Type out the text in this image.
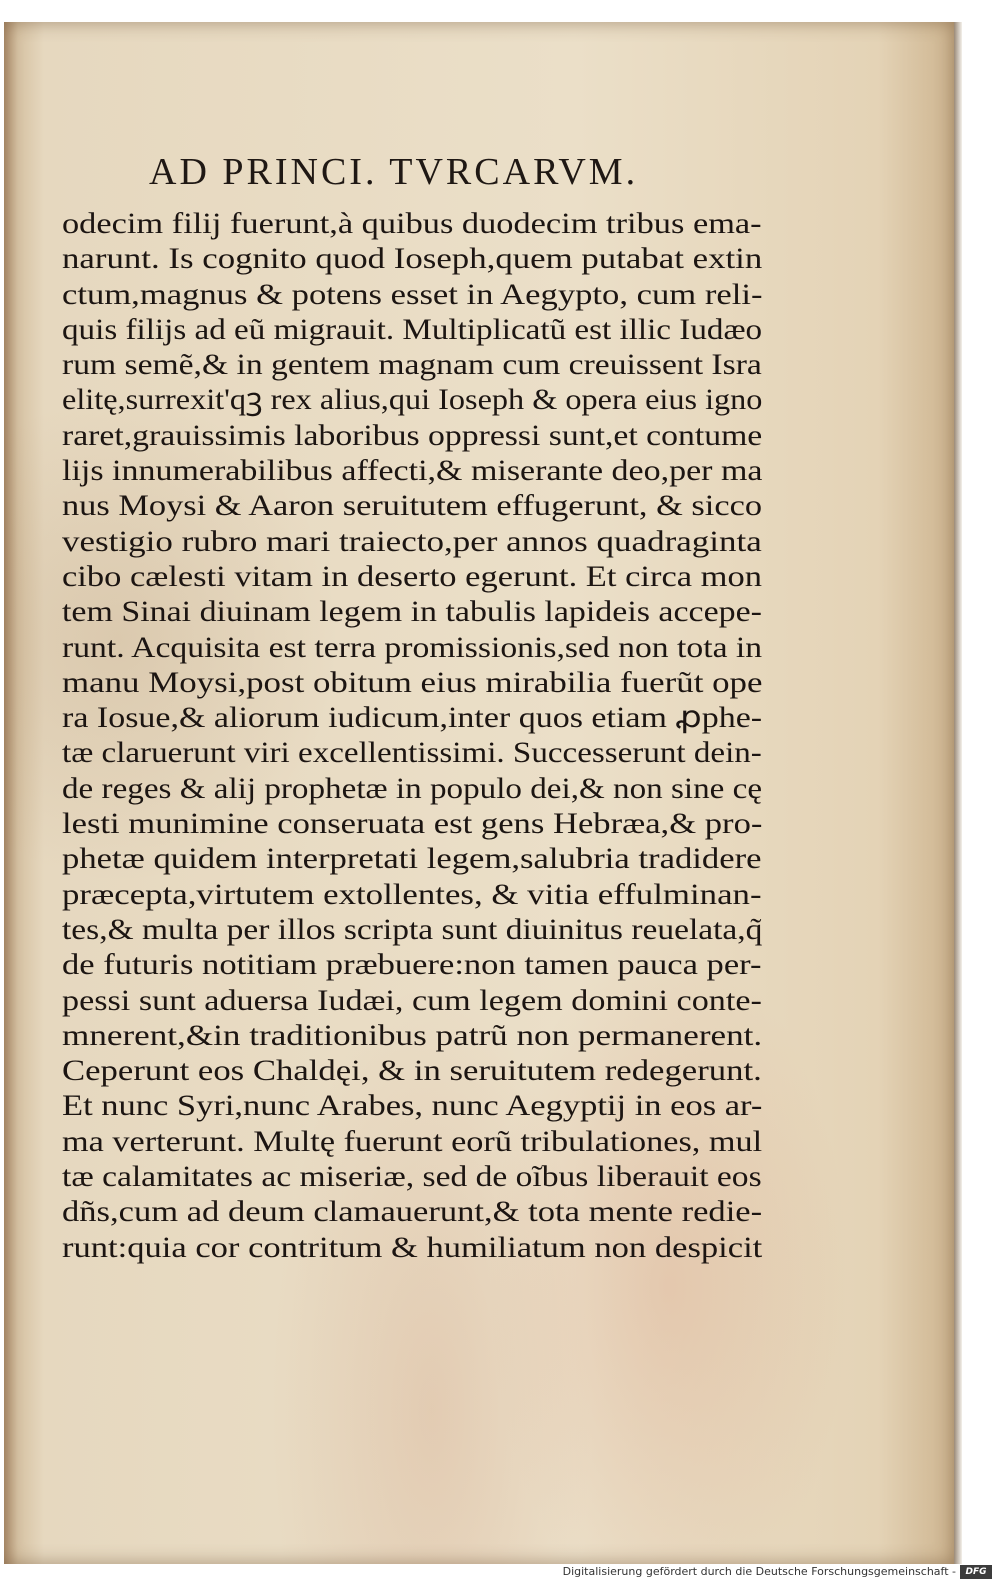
AD PRINCI. TVRCARVM.
odecim filij fuerunt,à quibus duodecim tribus ema-
narunt. Is cognito quod Ioseph,quem putabat extin
ctum,magnus & potens esset in Aegypto, cum reli-
quis filijs ad eũ migrauit. Multiplicatũ est illic Iudæo
rum semẽ,& in gentem magnam cum creuissent Isra
elitę,surrexit'qꝫ rex alius,qui Ioseph & opera eius igno
raret,grauissimis laboribus oppressi sunt,et contume
lijs innumerabilibus affecti,& miserante deo,per ma
nus Moysi & Aaron seruitutem effugerunt, & sicco
vestigio rubro mari traiecto,per annos quadraginta
cibo cælesti vitam in deserto egerunt. Et circa mon
tem Sinai diuinam legem in tabulis lapideis accepe-
runt. Acquisita est terra promissionis,sed non tota in
manu Moysi,post obitum eius mirabilia fuerũt ope
ra Iosue,& aliorum iudicum,inter quos etiam ꝓphe-
tæ claruerunt viri excellentissimi. Successerunt dein-
de reges & alij prophetæ in populo dei,& non sine cę
lesti munimine conseruata est gens Hebræa,& pro-
phetæ quidem interpretati legem,salubria tradidere
præcepta,virtutem extollentes, & vitia effulminan-
tes,& multa per illos scripta sunt diuinitus reuelata,q̃
de futuris notitiam præbuere:non tamen pauca per-
pessi sunt aduersa Iudæi, cum legem domini conte-
mnerent,&in traditionibus patrũ non permanerent.
Ceperunt eos Chaldęi, & in seruitutem redegerunt.
Et nunc Syri,nunc Arabes, nunc Aegyptij in eos ar-
ma verterunt. Multę fuerunt eorũ tribulationes, mul
tæ calamitates ac miseriæ, sed de oĩbus liberauit eos
dñs,cum ad deum clamauerunt,& tota mente redie-
runt:quia cor contritum & humiliatum non despicit
Digitalisierung gefördert durch die Deutsche Forschungsgemeinschaft -	DFG
